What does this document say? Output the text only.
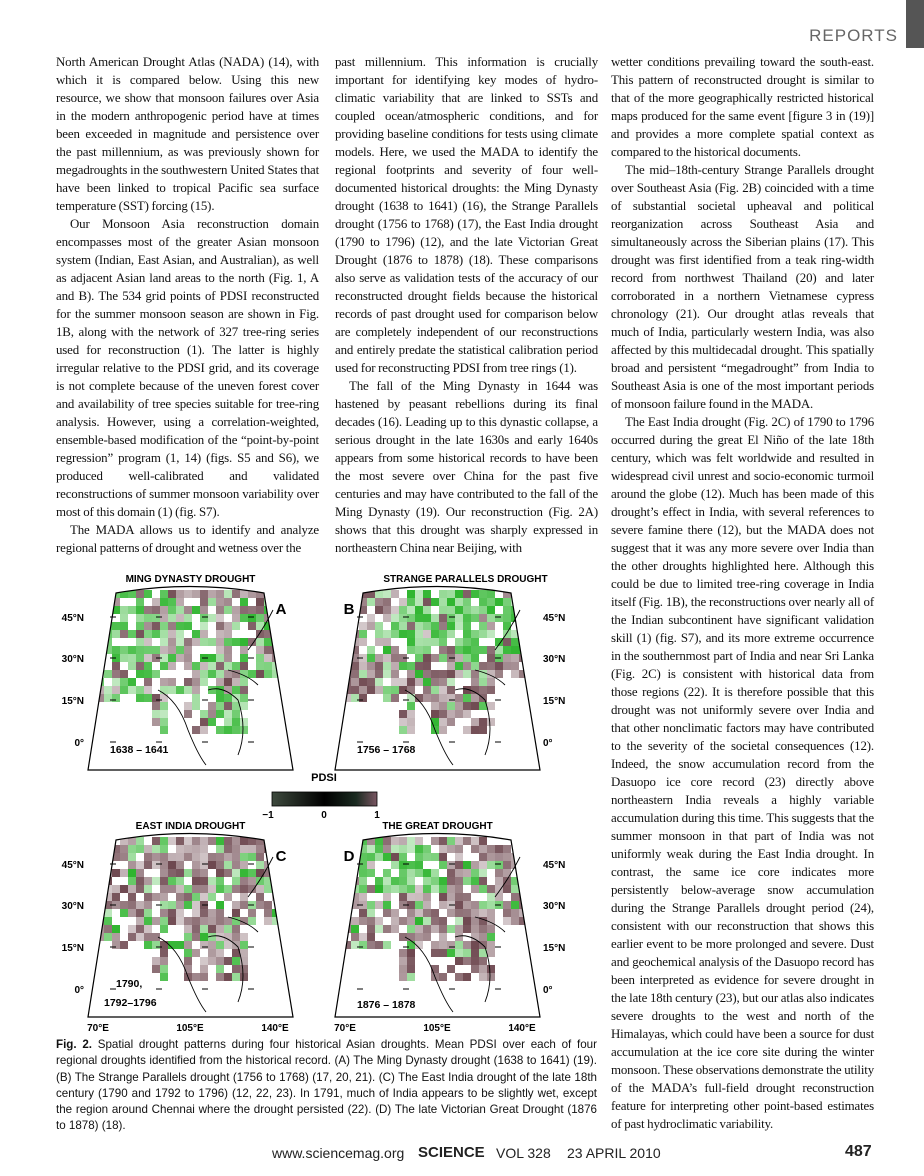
REPORTS

North American Drought Atlas (NADA) (14), with which it is compared below. Using this new resource, we show that monsoon failures over Asia in the modern anthropogenic period have at times been exceeded in magnitude and persistence over the past millennium, as was previously shown for megadroughts in the southwestern United States that have been linked to tropical Pacific sea surface temperature (SST) forcing (15).

Our Monsoon Asia reconstruction domain encompasses most of the greater Asian monsoon system (Indian, East Asian, and Australian), as well as adjacent Asian land areas to the north (Fig. 1, A and B). The 534 grid points of PDSI reconstructed for the summer monsoon season are shown in Fig. 1B, along with the network of 327 tree-ring series used for reconstruction (1). The latter is highly irregular relative to the PDSI grid, and its coverage is not complete because of the uneven forest cover and availability of tree species suitable for tree-ring analysis. However, using a correlation-weighted, ensemble-based modification of the “point-by-point regression” program (1, 14) (figs. S5 and S6), we produced well-calibrated and validated reconstructions of summer monsoon variability over most of this domain (1) (fig. S7).

The MADA allows us to identify and analyze regional patterns of drought and wetness over the

past millennium. This information is crucially important for identifying key modes of hydro-climatic variability that are linked to SSTs and coupled ocean/atmospheric conditions, and for providing baseline conditions for tests using climate models. Here, we used the MADA to identify the regional footprints and severity of four well-documented historical droughts: the Ming Dynasty drought (1638 to 1641) (16), the Strange Parallels drought (1756 to 1768) (17), the East India drought (1790 to 1796) (12), and the late Victorian Great Drought (1876 to 1878) (18). These comparisons also serve as validation tests of the accuracy of our reconstructed drought fields because the historical records of past drought used for comparison below are completely independent of our reconstructions and entirely predate the statistical calibration period used for reconstructing PDSI from tree rings (1).

The fall of the Ming Dynasty in 1644 was hastened by peasant rebellions during its final decades (16). Leading up to this dynastic collapse, a serious drought in the late 1630s and early 1640s appears from some historical records to have been the most severe over China for the past five centuries and may have contributed to the fall of the Ming Dynasty (19). Our reconstruction (Fig. 2A) shows that this drought was sharply expressed in northeastern China near Beijing, with

wetter conditions prevailing toward the south-east. This pattern of reconstructed drought is similar to that of the more geographically restricted historical maps produced for the same event [figure 3 in (19)] and provides a more complete spatial context as compared to the historical documents.

The mid–18th-century Strange Parallels drought over Southeast Asia (Fig. 2B) coincided with a time of substantial societal upheaval and political reorganization across Southeast Asia and simultaneously across the Siberian plains (17). This drought was first identified from a teak ring-width record from northwest Thailand (20) and later corroborated in a northern Vietnamese cypress chronology (21). Our drought atlas reveals that much of India, particularly western India, was also affected by this multidecadal drought. This spatially broad and persistent “megadrought” from India to Southeast Asia is one of the most important periods of monsoon failure found in the MADA.

The East India drought (Fig. 2C) of 1790 to 1796 occurred during the great El Niño of the late 18th century, which was felt worldwide and resulted in widespread civil unrest and socio-economic turmoil around the globe (12). Much has been made of this drought’s effect in India, with several references to severe famine there (12), but the MADA does not suggest that it was any more severe over India than the other droughts highlighted here. Although this could be due to limited tree-ring coverage in India itself (Fig. 1B), the reconstructions over nearly all of the Indian subcontinent have significant validation skill (1) (fig. S7), and its more extreme occurrence in the southernmost part of India and near Sri Lanka (Fig. 2C) is consistent with historical data from those regions (22). It is therefore possible that this drought was not uniformly severe over India and that other nonclimatic factors may have contributed to the severity of the societal consequences (12). Indeed, the snow accumulation record from the Dasuopo ice core record (23) directly above northeastern India reveals a highly variable accumulation during this time. This suggests that the summer monsoon in that part of India was not uniformly weak during the East India drought. In contrast, the same ice core indicates more persistently below-average snow accumulation during the Strange Parallels drought period (24), consistent with our reconstruction that shows this earlier event to be more prolonged and severe. Dust and geochemical analysis of the Dasuopo record has been interpreted as evidence for severe drought in the late 18th century (23), but our atlas also indicates severe droughts to the west and north of the Himalayas, which could have been a source for dust accumulation at the ice core site during the winter monsoon. These observations demonstrate the utility of the MADA’s full-field drought reconstruction feature for interpreting other point-based estimates of past hydroclimatic variability.

45°N
30°N
15°N
0°
MING DYNASTY DROUGHT
A
1638 – 1641
45°N
30°N
15°N
0°
STRANGE PARALLELS DROUGHT
B
1756 – 1768
45°N
30°N
15°N
0°
EAST INDIA DROUGHT
C
1790,
1792–1796
70°E	105°E	140°E
45°N
30°N
15°N
0°
THE GREAT DROUGHT
D
1876 – 1878
70°E	105°E	140°E
PDSI
−1	0	1
Fig. 2. Spatial drought patterns during four historical Asian droughts. Mean PDSI over each of four regional droughts identified from the historical record. (A) The Ming Dynasty drought (1638 to 1641) (19). (B) The Strange Parallels drought (1756 to 1768) (17, 20, 21). (C) The East India drought of the late 18th century (1790 and 1792 to 1796) (12, 22, 23). In 1791, much of India appears to be slightly wet, except the region around Chennai where the drought persisted (22). (D) The late Victorian Great Drought (1876 to 1878) (18).
www.sciencemag.org SCIENCE VOL 328 23 APRIL 2010	487
